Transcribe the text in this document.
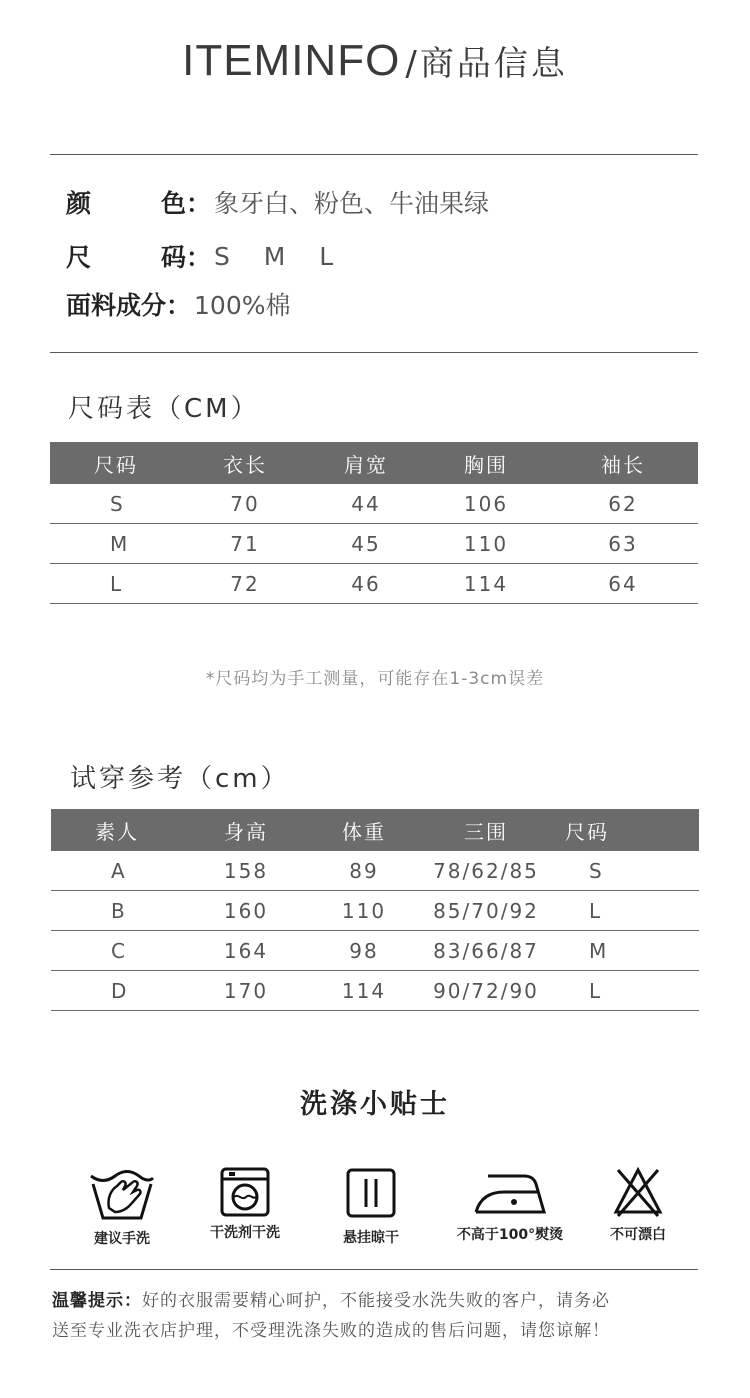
ITEMINFO /商品信息
颜	色 ： 象牙白、粉色、牛油果绿
尺	码 ： S  M  L
面料成分 ： 100%棉
尺码表（CM）
尺码	衣长	肩宽	胸围	袖长
S	70	44	106	62
M	71	45	110	63
L	72	46	114	64
*尺码均为手工测量，可能存在1-3cm误差
试穿参考（cm）
素人	身高	体重	三围	尺码
A	158	89	78/62/85	S
B	160	110	85/70/92	L
C	164	98	83/66/87	M
D	170	114	90/72/90	L
洗涤小贴士
建议手洗	干洗剂干洗	悬挂晾干	不高于100°熨烫	不可漂白
温馨提示：好的衣服需要精心呵护，不能接受水洗失败的客户，请务必
送至专业洗衣店护理，不受理洗涤失败的造成的售后问题，请您谅解！
